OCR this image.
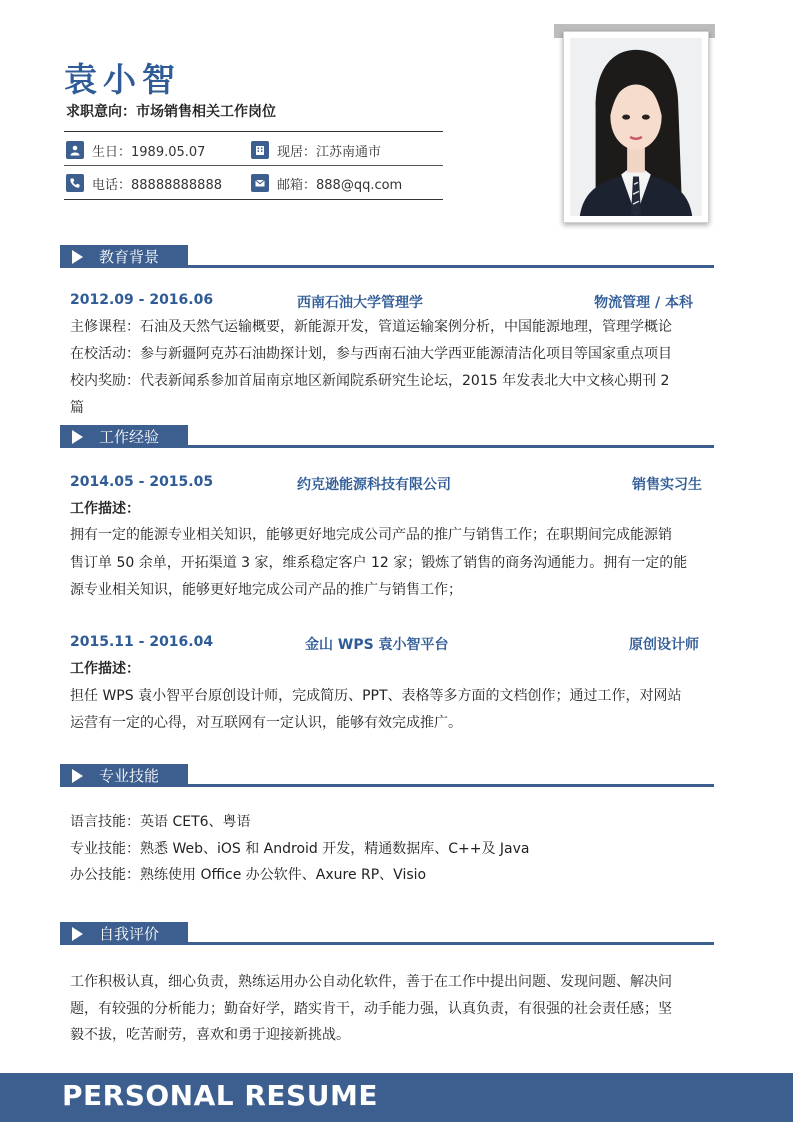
袁小智
求职意向：市场销售相关工作岗位
生日：1989.05.07	现居：江苏南通市
电话：88888888888	邮箱：888@qq.com
教育背景
2012.09 - 2016.06	西南石油大学管理学	物流管理 / 本科
主修课程：石油及天然气运输概要，新能源开发，管道运输案例分析，中国能源地理，管理学概论
在校活动：参与新疆阿克苏石油勘探计划，参与西南石油大学西亚能源清洁化项目等国家重点项目
校内奖励：代表新闻系参加首届南京地区新闻院系研究生论坛，2015 年发表北大中文核心期刊 2
篇
工作经验
2014.05 - 2015.05	约克逊能源科技有限公司	销售实习生
工作描述：
拥有一定的能源专业相关知识，能够更好地完成公司产品的推广与销售工作；在职期间完成能源销
售订单 50 余单，开拓渠道 3 家，维系稳定客户 12 家；锻炼了销售的商务沟通能力。拥有一定的能
源专业相关知识，能够更好地完成公司产品的推广与销售工作；
2015.11 - 2016.04	金山 WPS 袁小智平台	原创设计师
工作描述：
担任 WPS 袁小智平台原创设计师，完成简历、PPT、表格等多方面的文档创作；通过工作，对网站
运营有一定的心得，对互联网有一定认识，能够有效完成推广。
专业技能
语言技能：英语 CET6、粤语
专业技能：熟悉 Web、iOS 和 Android 开发，精通数据库、C++及 Java
办公技能：熟练使用 Office 办公软件、Axure RP、Visio
自我评价
工作积极认真，细心负责，熟练运用办公自动化软件，善于在工作中提出问题、发现问题、解决问
题，有较强的分析能力；勤奋好学，踏实肯干，动手能力强，认真负责，有很强的社会责任感；坚
毅不拔，吃苦耐劳，喜欢和勇于迎接新挑战。
PERSONAL RESUME
